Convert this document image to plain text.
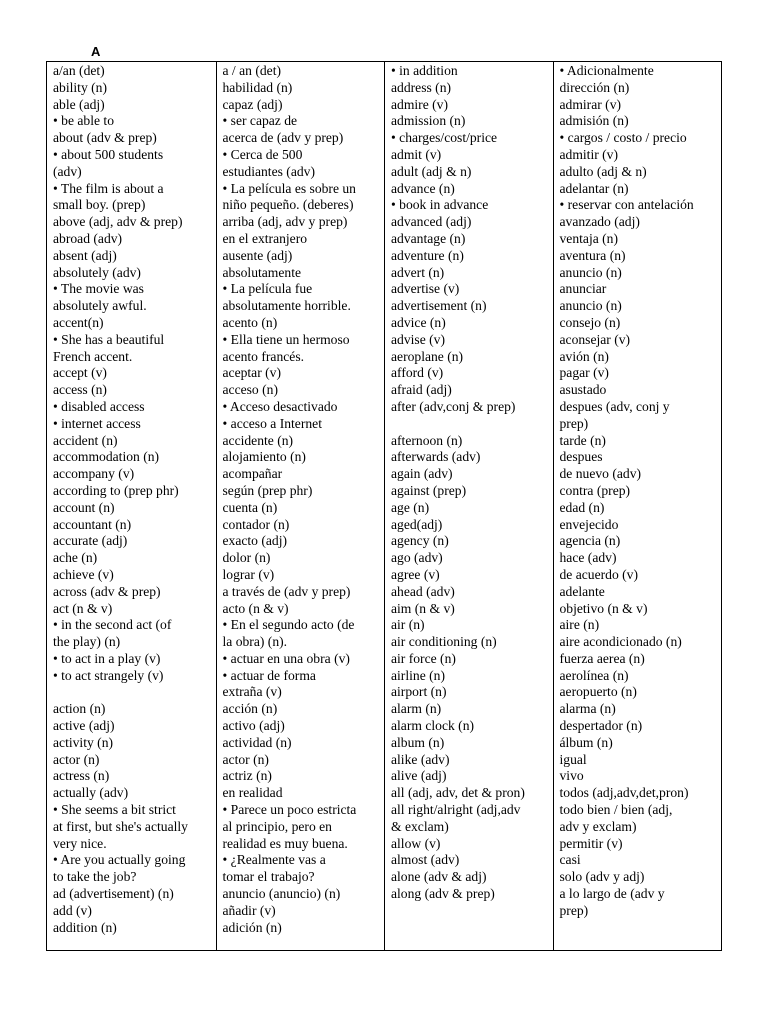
A
a/an (det)
ability (n)
able (adj)
• be able to
about (adv & prep)
• about 500 students
(adv)
• The film is about a
small boy. (prep)
above (adj, adv & prep)
abroad (adv)
absent (adj)
absolutely (adv)
• The movie was
absolutely awful.
accent(n)
• She has a beautiful
French accent.
accept (v)
access (n)
• disabled access
• internet access
accident (n)
accommodation (n)
accompany (v)
according to (prep phr)
account (n)
accountant (n)
accurate (adj)
ache (n)
achieve (v)
across (adv & prep)
act (n & v)
• in the second act (of
the play) (n)
• to act in a play (v)
• to act strangely (v)
action (n)
active (adj)
activity (n)
actor (n)
actress (n)
actually (adv)
• She seems a bit strict
at first, but she's actually
very nice.
• Are you actually going
to take the job?
ad (advertisement) (n)
add (v)
addition (n)
a / an (det)
habilidad (n)
capaz (adj)
• ser capaz de
acerca de (adv y prep)
• Cerca de 500
estudiantes (adv)
• La película es sobre un
niño pequeño. (deberes)
arriba (adj, adv y prep)
en el extranjero
ausente (adj)
absolutamente
• La película fue
absolutamente horrible.
acento (n)
• Ella tiene un hermoso
acento francés.
aceptar (v)
acceso (n)
• Acceso desactivado
• acceso a Internet
accidente (n)
alojamiento (n)
acompañar
según (prep phr)
cuenta (n)
contador (n)
exacto (adj)
dolor (n)
lograr (v)
a través de (adv y prep)
acto (n & v)
• En el segundo acto (de
la obra) (n).
• actuar en una obra (v)
• actuar de forma
extraña (v)
acción (n)
activo (adj)
actividad (n)
actor (n)
actriz (n)
en realidad
• Parece un poco estricta
al principio, pero en
realidad es muy buena.
• ¿Realmente vas a
tomar el trabajo?
anuncio (anuncio) (n)
añadir (v)
adición (n)
• in addition
address (n)
admire (v)
admission (n)
• charges/cost/price
admit (v)
adult (adj & n)
advance (n)
• book in advance
advanced (adj)
advantage (n)
adventure (n)
advert (n)
advertise (v)
advertisement (n)
advice (n)
advise (v)
aeroplane (n)
afford (v)
afraid (adj)
after (adv,conj & prep)
afternoon (n)
afterwards (adv)
again (adv)
against (prep)
age (n)
aged(adj)
agency (n)
ago (adv)
agree (v)
ahead (adv)
aim (n & v)
air (n)
air conditioning (n)
air force (n)
airline (n)
airport (n)
alarm (n)
alarm clock (n)
album (n)
alike (adv)
alive (adj)
all (adj, adv, det & pron)
all right/alright (adj,adv
& exclam)
allow (v)
almost (adv)
alone (adv & adj)
along (adv & prep)
• Adicionalmente
dirección (n)
admirar (v)
admisión (n)
• cargos / costo / precio
admitir (v)
adulto (adj & n)
adelantar (n)
• reservar con antelación
avanzado (adj)
ventaja (n)
aventura (n)
anuncio (n)
anunciar
anuncio (n)
consejo (n)
aconsejar (v)
avión (n)
pagar (v)
asustado
despues (adv, conj y
prep)
tarde (n)
despues
de nuevo (adv)
contra (prep)
edad (n)
envejecido
agencia (n)
hace (adv)
de acuerdo (v)
adelante
objetivo (n & v)
aire (n)
aire acondicionado (n)
fuerza aerea (n)
aerolínea (n)
aeropuerto (n)
alarma (n)
despertador (n)
álbum (n)
igual
vivo
todos (adj,adv,det,pron)
todo bien / bien (adj,
adv y exclam)
permitir (v)
casi
solo (adv y adj)
a lo largo de (adv y
prep)
